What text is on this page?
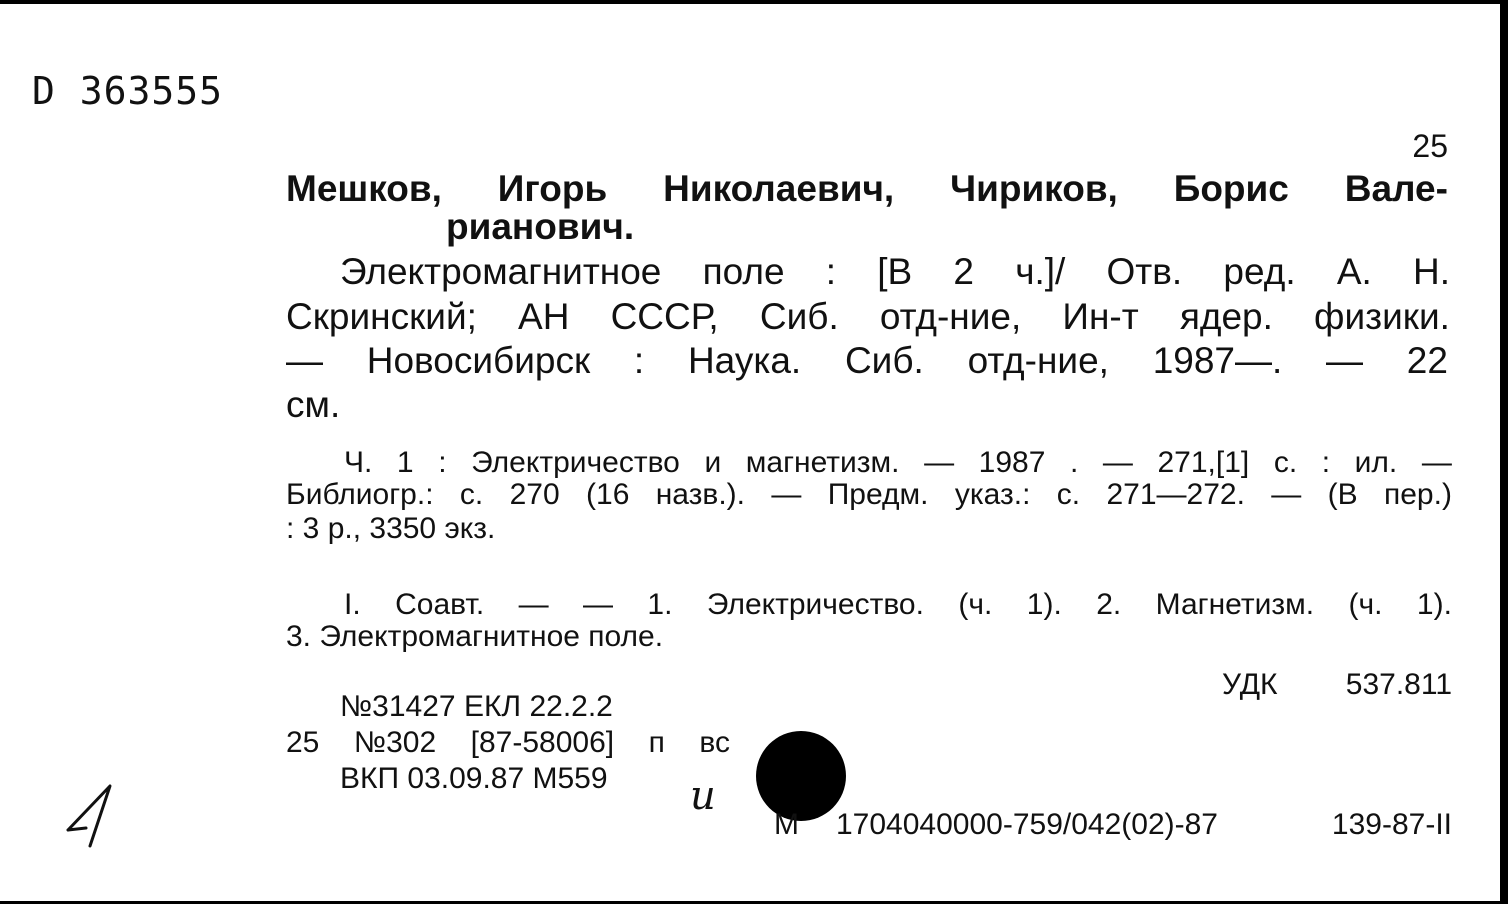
D 363555
25
Мешков, Игорь Николаевич, Чириков, Борис Вале-
рианович.
Электромагнитное поле : [В 2 ч.]/ Отв. ред. А. Н.
Скринский; АН СССР, Сиб. отд-ние, Ин-т ядер. физики.
— Новосибирск : Наука. Сиб. отд-ние, 1987—. — 22
см.
Ч. 1 : Электричество и магнетизм. — 1987 . — 271,[1] с. : ил. —
Библиогр.: с. 270 (16 назв.). — Предм. указ.: с. 271—272. — (В пер.)
: 3 р., 3350 экз.
I. Соавт. — — 1. Электричество. (ч. 1). 2. Магнетизм. (ч. 1).
3. Электромагнитное поле.
УДК 537.811
№31427 ЕКЛ 22.2.2
25 №302 [87-58006] п вс
ВКП 03.09.87 М559
М 1704040000-759/042(02)-87	139-87-II
и
